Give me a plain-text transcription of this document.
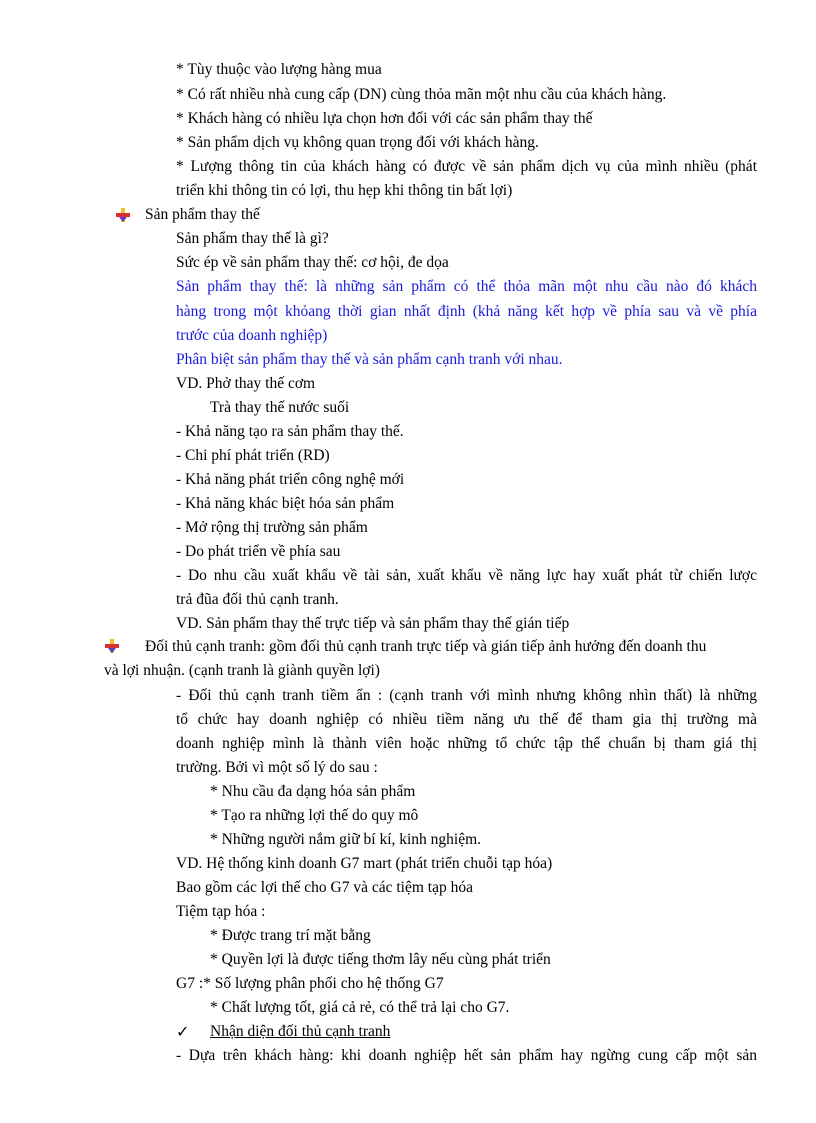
* Tùy thuộc vào lượng hàng mua
* Có rất nhiều nhà cung cấp (DN) cùng thỏa mãn một nhu cầu của khách hàng.
* Khách hàng có nhiều lựa chọn hơn đối với các sản phẩm thay thế
* Sản phẩm dịch vụ không quan trọng đối với khách hàng.
* Lượng thông tin của khách hàng có được về sản phẩm dịch vụ của mình nhiều (phát
triển khi thông tin có lợi, thu hẹp khi thông tin bất lợi)
Sản phẩm thay thế
Sản phẩm thay thế là gì?
Sức ép về sản phẩm thay thế: cơ hội, đe dọa
Sản phẩm thay thế: là những sản phẩm có thể thỏa mãn một nhu cầu nào đó khách
hàng trong một khỏang thời gian nhất định (khả năng kết hợp về phía sau và về phía
trước của doanh nghiệp)
Phân biệt sản phẩm thay thế và sản phẩm cạnh tranh với nhau.
VD. Phở thay thế cơm
Trà thay thế nước suối
- Khả năng tạo ra sản phẩm thay thế.
- Chi phí phát triển (RD)
- Khả năng phát triển công nghệ mới
- Khả năng khác biệt hóa sản phẩm
- Mở rộng thị trường sản phẩm
- Do phát triển về phía sau
- Do nhu cầu xuất khẩu về tài sản, xuất khẩu về năng lực hay xuất phát từ chiến lược
trả đũa đối thủ cạnh tranh.
VD. Sản phẩm thay thế trực tiếp và sản phẩm thay thế gián tiếp
Đối thủ cạnh tranh: gồm đối thủ cạnh tranh trực tiếp và gián tiếp ảnh hưởng đến doanh thu
và lợi nhuận. (cạnh tranh là giành quyền lợi)
- Đối thủ cạnh tranh tiềm ẩn : (cạnh tranh với mình nhưng không nhìn thất) là những
tổ chức hay doanh nghiệp có nhiều tiềm năng ưu thế để tham gia thị trường mà
doanh nghiệp mình là thành viên hoặc những tổ chức tập thể chuẩn bị tham giá thị
trường. Bởi vì một số lý do sau :
* Nhu cầu đa dạng hóa sản phẩm
* Tạo ra những lợi thế do quy mô
* Những người nắm giữ bí kí, kinh nghiệm.
VD. Hệ thống kinh doanh G7 mart (phát triển chuỗi tạp hóa)
Bao gồm các lợi thế cho G7 và các tiệm tạp hóa
Tiệm tạp hóa :
* Được trang trí mặt bằng
* Quyền lợi là được tiếng thơm lây nếu cùng phát triển
G7 :* Số lượng phân phối cho hệ thống G7
* Chất lượng tốt, giá cả rẻ, có thể trả lại cho G7.
✓ Nhận diện đối thủ cạnh tranh
- Dựa trên khách hàng: khi doanh nghiệp hết sản phẩm hay ngừng cung cấp một sản
